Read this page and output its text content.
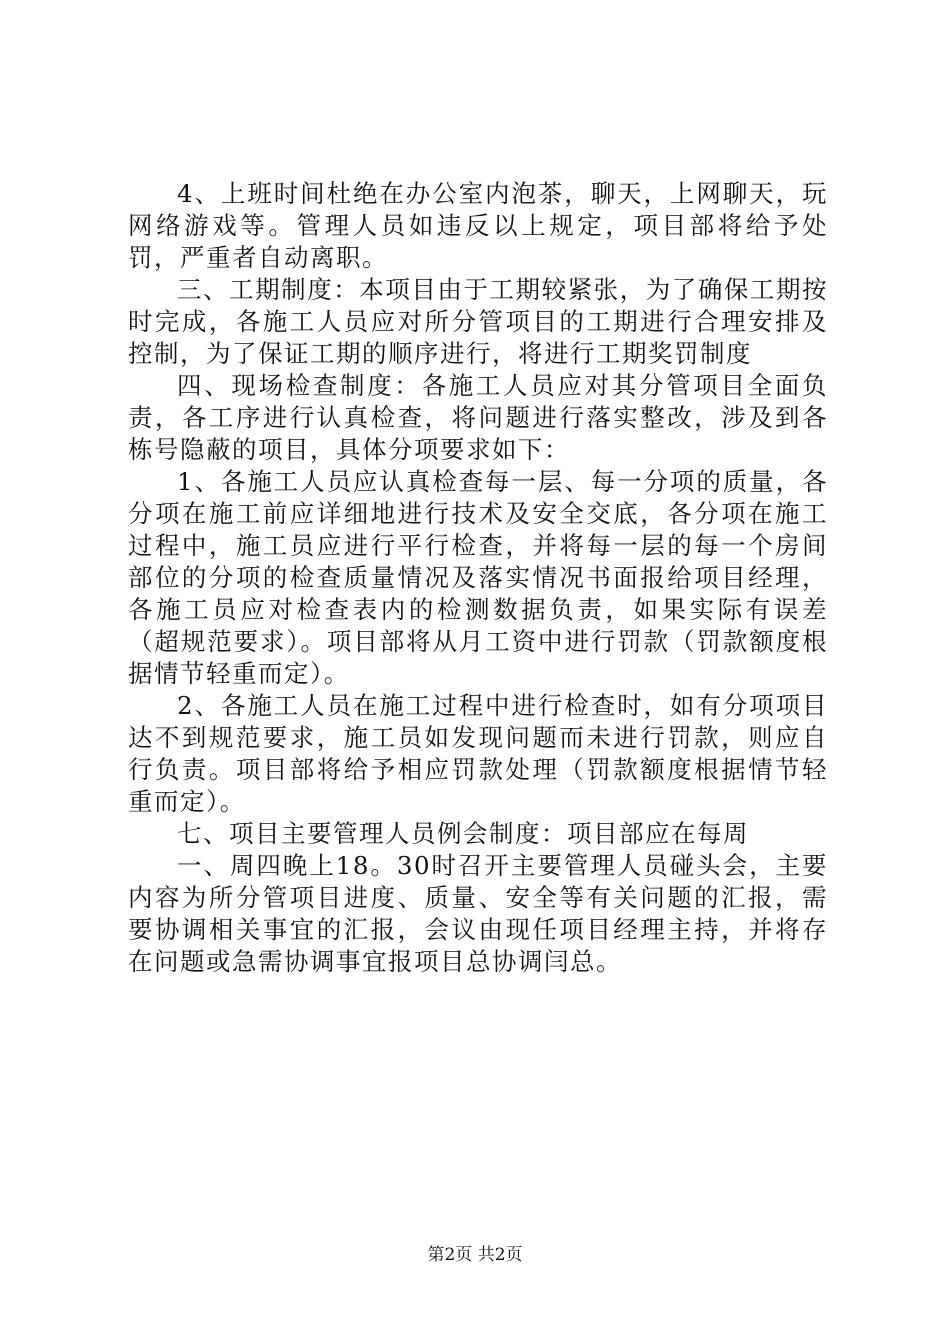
4、上班时间杜绝在办公室内泡茶，聊天，上网聊天，玩网络游戏等。管理人员如违反以上规定，项目部将给予处罚，严重者自动离职。

三、工期制度：本项目由于工期较紧张，为了确保工期按时完成，各施工人员应对所分管项目的工期进行合理安排及控制，为了保证工期的顺序进行，将进行工期奖罚制度

四、现场检查制度：各施工人员应对其分管项目全面负责，各工序进行认真检查，将问题进行落实整改，涉及到各栋号隐蔽的项目，具体分项要求如下：

1、各施工人员应认真检查每一层、每一分项的质量，各分项在施工前应详细地进行技术及安全交底，各分项在施工过程中，施工员应进行平行检查，并将每一层的每一个房间部位的分项的检查质量情况及落实情况书面报给项目经理，各施工员应对检查表内的检测数据负责，如果实际有误差（超规范要求）。项目部将从月工资中进行罚款（罚款额度根据情节轻重而定）。

2、各施工人员在施工过程中进行检查时，如有分项项目达不到规范要求，施工员如发现问题而未进行罚款，则应自行负责。项目部将给予相应罚款处理（罚款额度根据情节轻重而定）。

七、项目主要管理人员例会制度：项目部应在每周

一、周四晚上18。30时召开主要管理人员碰头会，主要内容为所分管项目进度、质量、安全等有关问题的汇报，需要协调相关事宜的汇报，会议由现任项目经理主持，并将存在问题或急需协调事宜报项目总协调闫总。

第2页 共2页
